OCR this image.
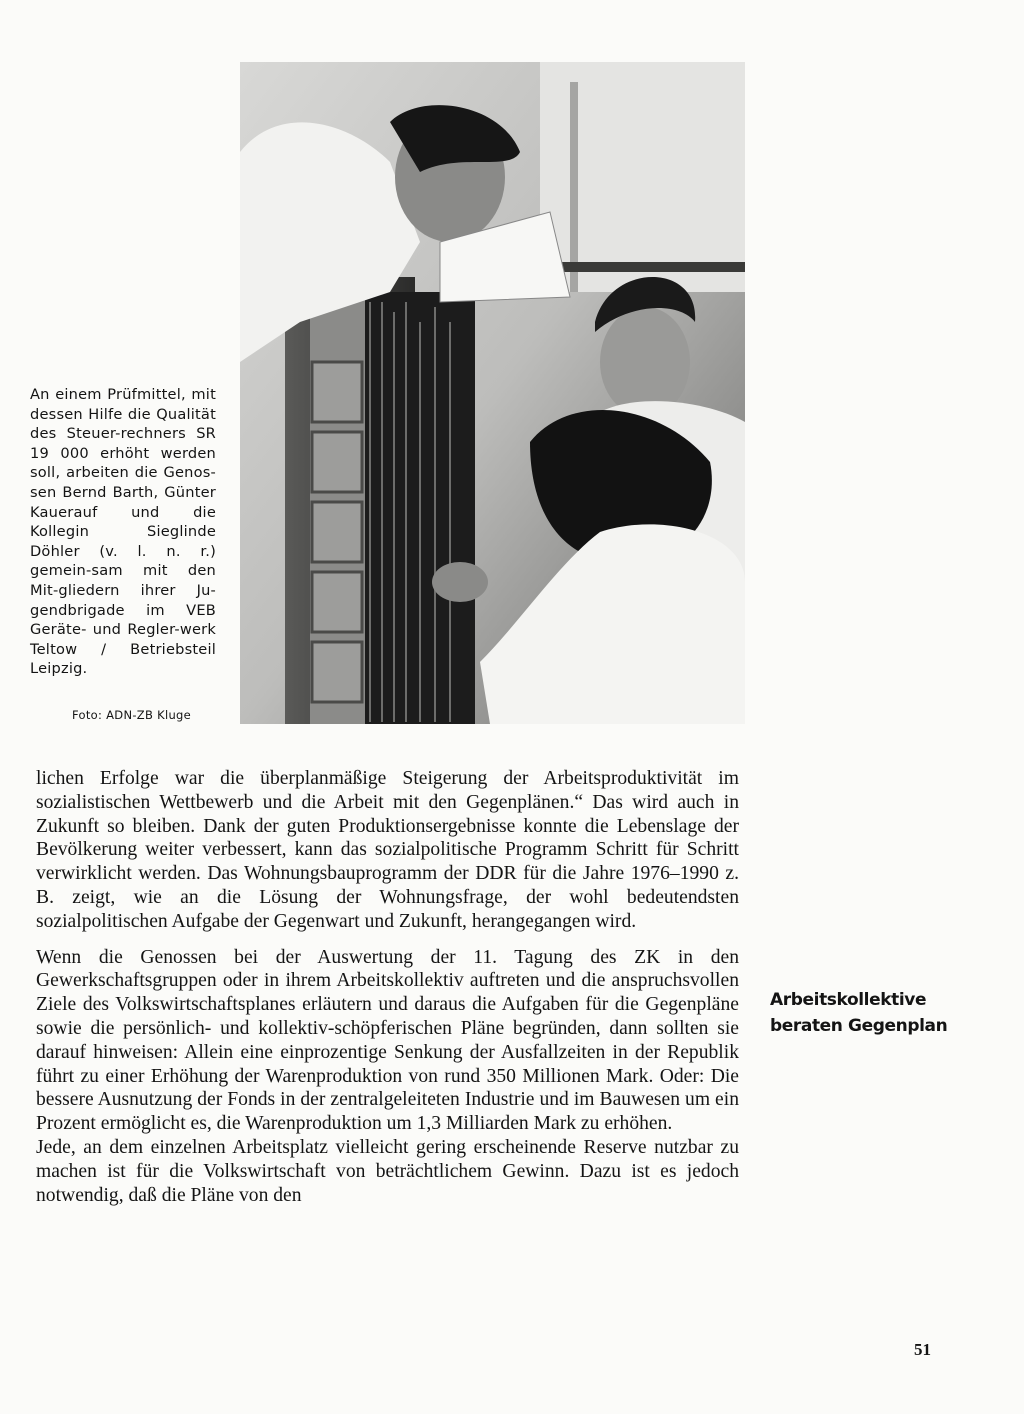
An einem Prüfmittel, mit dessen Hilfe die Qualität des Steuer-rechners SR 19 000 erhöht werden soll, arbeiten die Genos-sen Bernd Barth, Günter Kauerauf und die Kollegin Sieglinde Döhler (v. l. n. r.) gemein-sam mit den Mit-gliedern ihrer Ju-gendbrigade im VEB Geräte- und Regler-werk Teltow / Betriebsteil Leipzig.
Foto: ADN-ZB Kluge

lichen Erfolge war die überplanmäßige Steigerung der Arbeitsproduktivität im sozialistischen Wettbewerb und die Arbeit mit den Gegenplänen.“ Das wird auch in Zukunft so bleiben. Dank der guten Produktionsergebnisse konnte die Lebenslage der Bevölkerung weiter verbessert, kann das sozialpolitische Programm Schritt für Schritt verwirklicht werden. Das Wohnungsbauprogramm der DDR für die Jahre 1976–1990 z. B. zeigt, wie an die Lösung der Wohnungsfrage, der wohl bedeutendsten sozialpolitischen Aufgabe der Gegenwart und Zukunft, herangegangen wird.

Wenn die Genossen bei der Auswertung der 11. Tagung des ZK in den Gewerkschaftsgruppen oder in ihrem Arbeitskollektiv auftreten und die anspruchsvollen Ziele des Volkswirtschaftsplanes erläutern und daraus die Aufgaben für die Gegenpläne sowie die persönlich- und kollektiv-schöpferischen Pläne begründen, dann sollten sie darauf hinweisen: Allein eine einprozentige Senkung der Ausfallzeiten in der Republik führt zu einer Erhöhung der Warenproduktion von rund 350 Millionen Mark. Oder: Die bessere Ausnutzung der Fonds in der zentralgeleiteten Industrie und im Bauwesen um ein Prozent ermöglicht es, die Warenproduktion um 1,3 Milliarden Mark zu erhöhen.

Jede, an dem einzelnen Arbeitsplatz vielleicht gering erscheinende Reserve nutzbar zu machen ist für die Volkswirtschaft von beträchtlichem Gewinn. Dazu ist es jedoch notwendig, daß die Pläne von den

Arbeitskollektive
beraten Gegenplan
51
